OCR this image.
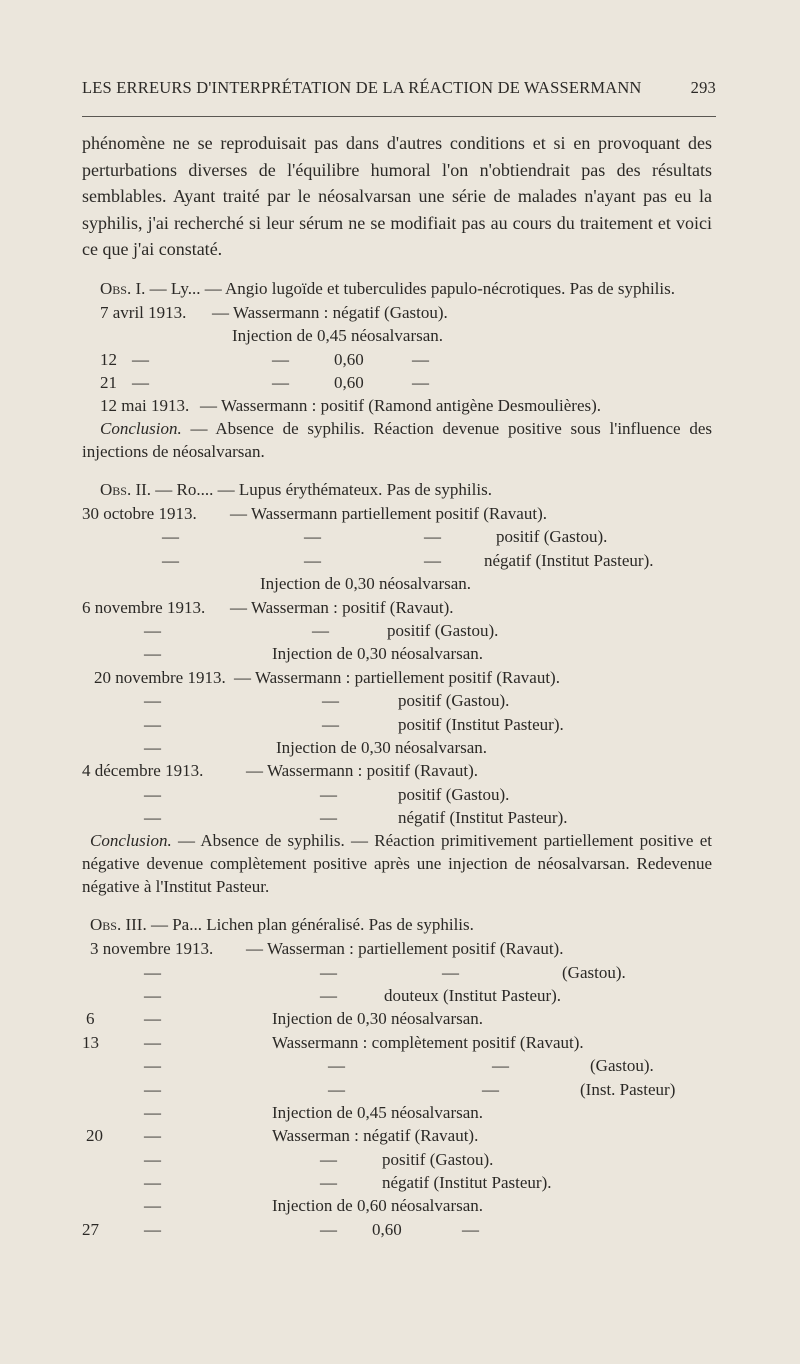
LES ERREURS D'INTERPRÉTATION DE LA RÉACTION DE WASSERMANN	293

phénomène ne se reproduisait pas dans d'autres conditions et si en provoquant des perturbations diverses de l'équilibre humoral l'on n'obtiendrait pas des résultats semblables. Ayant traité par le néosalvarsan une série de malades n'ayant pas eu la syphilis, j'ai recherché si leur sérum ne se modifiait pas au cours du traitement et voici ce que j'ai constaté.

Obs. I. — Ly... — Angio lugoïde et tuberculides papulo-nécrotiques. Pas de syphilis.
7 avril 1913. — Wassermann : négatif (Gastou).
Injection de 0,45 néosalvarsan.
12 —	—	0,60	—
21 —	—	0,60	—
12 mai 1913. — Wassermann : positif (Ramond antigène Desmoulières).
Conclusion. — Absence de syphilis. Réaction devenue positive sous l'influence des injections de néosalvarsan.
Obs. II. — Ro.... — Lupus érythémateux. Pas de syphilis.
30 octobre 1913. — Wassermann partiellement positif (Ravaut).
—	—	—	positif (Gastou).
—	—	—	négatif (Institut Pasteur).
Injection de 0,30 néosalvarsan.
6 novembre 1913. — Wasserman : positif (Ravaut).
—	—	positif (Gastou).
—	Injection de 0,30 néosalvarsan.
20 novembre 1913. — Wassermann : partiellement positif (Ravaut).
—	—	positif (Gastou).
—	—	positif (Institut Pasteur).
—	Injection de 0,30 néosalvarsan.
4 décembre 1913.	— Wassermann : positif (Ravaut).
—	—	positif (Gastou).
—	—	négatif (Institut Pasteur).
Conclusion. — Absence de syphilis. — Réaction primitivement partiellement positive et négative devenue complètement positive après une injection de néosalvarsan. Redevenue négative à l'Institut Pasteur.
Obs. III. — Pa... Lichen plan généralisé. Pas de syphilis.
3 novembre 1913. — Wasserman : partiellement positif (Ravaut).
—	—	—	(Gastou).
—	—	douteux (Institut Pasteur).
6	—	Injection de 0,30 néosalvarsan.
13	—	Wassermann : complètement positif (Ravaut).
—	—	—	(Gastou).
—	—	—	(Inst. Pasteur)
—	Injection de 0,45 néosalvarsan.
20 —	Wasserman : négatif (Ravaut).
—	—	positif (Gastou).
—	—	négatif (Institut Pasteur).
—	Injection de 0,60 néosalvarsan.
27	—	— 0,60	—
